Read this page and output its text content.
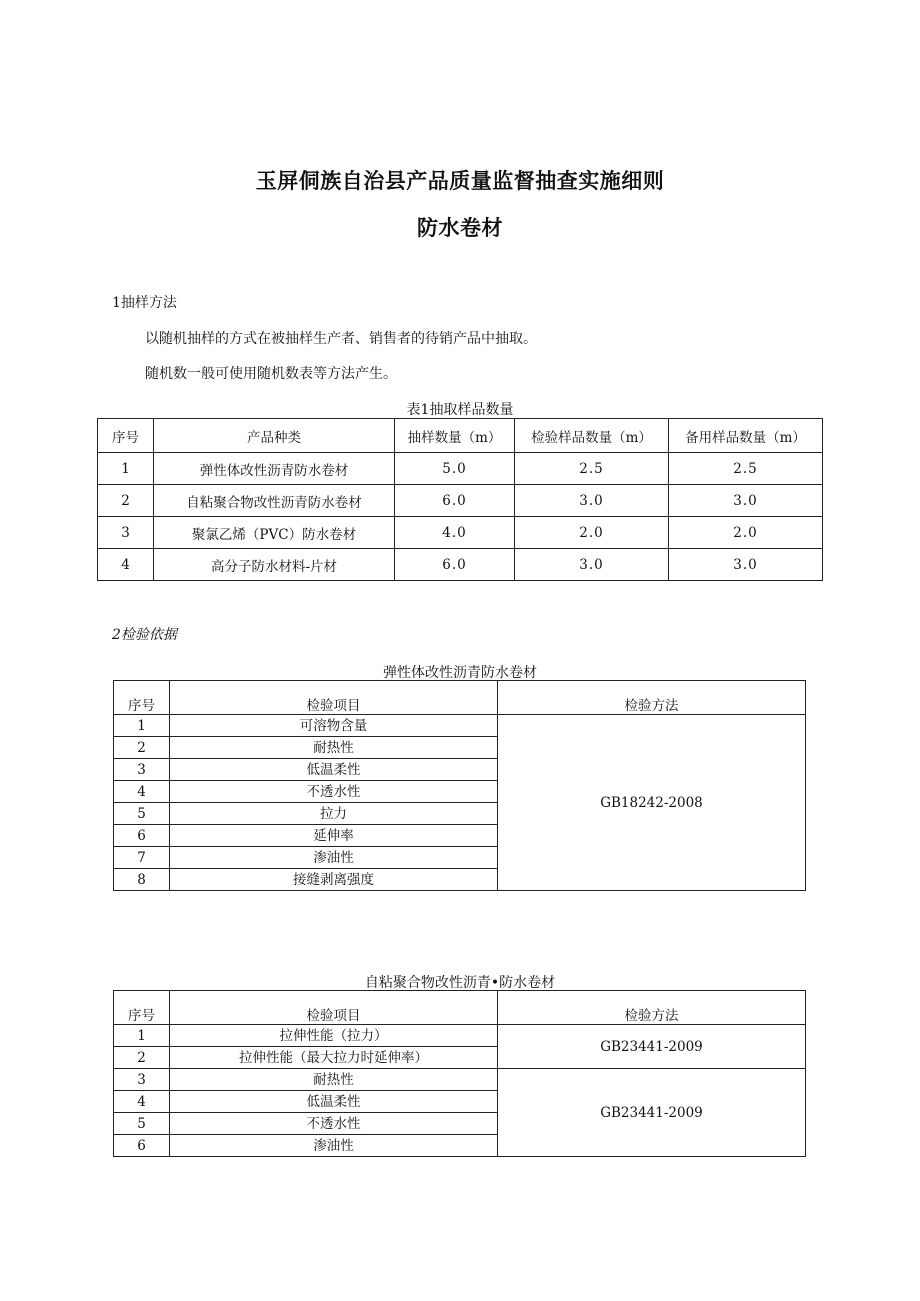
玉屏侗族自治县产品质量监督抽查实施细则
防水卷材
1抽样方法
以随机抽样的方式在被抽样生产者、销售者的待销产品中抽取。
随机数一般可使用随机数表等方法产生。
表1抽取样品数量
序号	产品种类	抽样数量（m）	检验样品数量（m）	备用样品数量（m）
1	弹性体改性沥青防水卷材	5.0	2.5	2.5
2	自粘聚合物改性沥青防水卷材	6.0	3.0	3.0
3	聚氯乙烯（PVC）防水卷材	4.0	2.0	2.0
4	高分子防水材料-片材	6.0	3.0	3.0
2检验依据
弹性体改性沥青防水卷材
序号	检验项目	检验方法
1	可溶物含量	GB18242-2008
2	耐热性	
3	低温柔性	
4	不透水性	
5	拉力	
6	延伸率	
7	渗油性	
8	接缝剥离强度	
自粘聚合物改性沥青•防水卷材
序号	检验项目	检验方法
1	拉伸性能（拉力）	GB23441-2009
2	拉伸性能（最大拉力时延伸率）	
3	耐热性	GB23441-2009
4	低温柔性	
5	不透水性	
6	渗油性	
